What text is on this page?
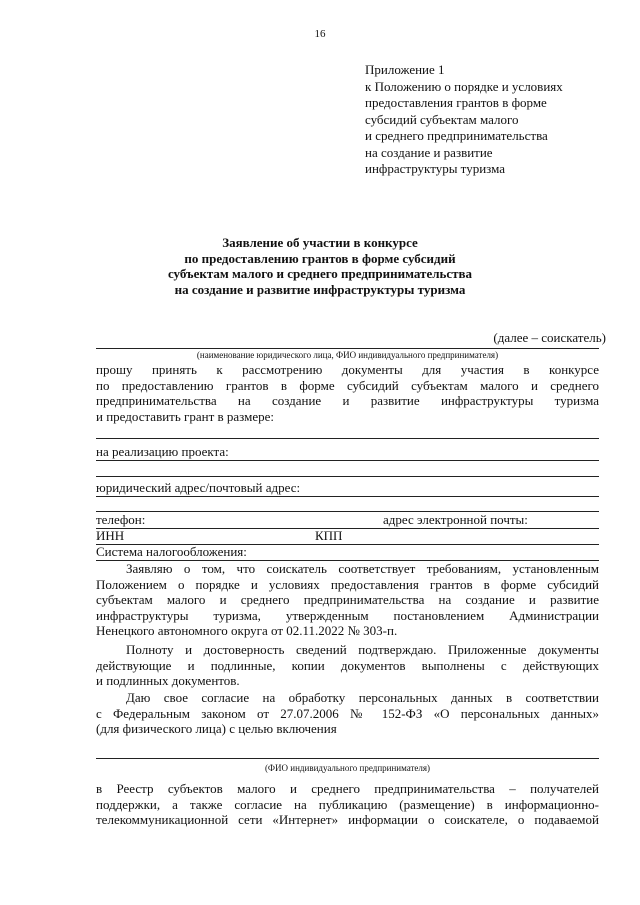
16
Приложение 1
к Положению о порядке и условиях
предоставления грантов в форме
субсидий субъектам малого
и среднего предпринимательства
на создание и развитие
инфраструктуры туризма
Заявление об участии в конкурсе
по предоставлению грантов в форме субсидий
субъектам малого и среднего предпринимательства
на создание и развитие инфраструктуры туризма
(далее – соискатель)
(наименование юридического лица, ФИО индивидуального предпринимателя)
прошу принять к рассмотрению документы для участия в конкурсе
по предоставлению грантов в форме субсидий субъектам малого и среднего
предпринимательства на создание и развитие инфраструктуры туризма
и предоставить грант в размере:
на реализацию проекта:
юридический адрес/почтовый адрес:
телефон:	адрес электронной почты:
ИНН	КПП
Система налогообложения:
Заявляю о том, что соискатель соответствует требованиям, установленным
Положением о порядке и условиях предоставления грантов в форме субсидий
субъектам малого и среднего предпринимательства на создание и развитие
инфраструктуры туризма, утвержденным постановлением Администрации
Ненецкого автономного округа от 02.11.2022 № 303-п.
Полноту и достоверность сведений подтверждаю. Приложенные документы
действующие и подлинные, копии документов выполнены с действующих
и подлинных документов.
Даю свое согласие на обработку персональных данных в соответствии
с Федеральным законом от 27.07.2006 № 152-ФЗ «О персональных данных»
(для физического лица) с целью включения
(ФИО индивидуального предпринимателя)
в Реестр субъектов малого и среднего предпринимательства – получателей
поддержки, а также согласие на публикацию (размещение) в информационно-
телекоммуникационной сети «Интернет» информации о соискателе, о подаваемой
